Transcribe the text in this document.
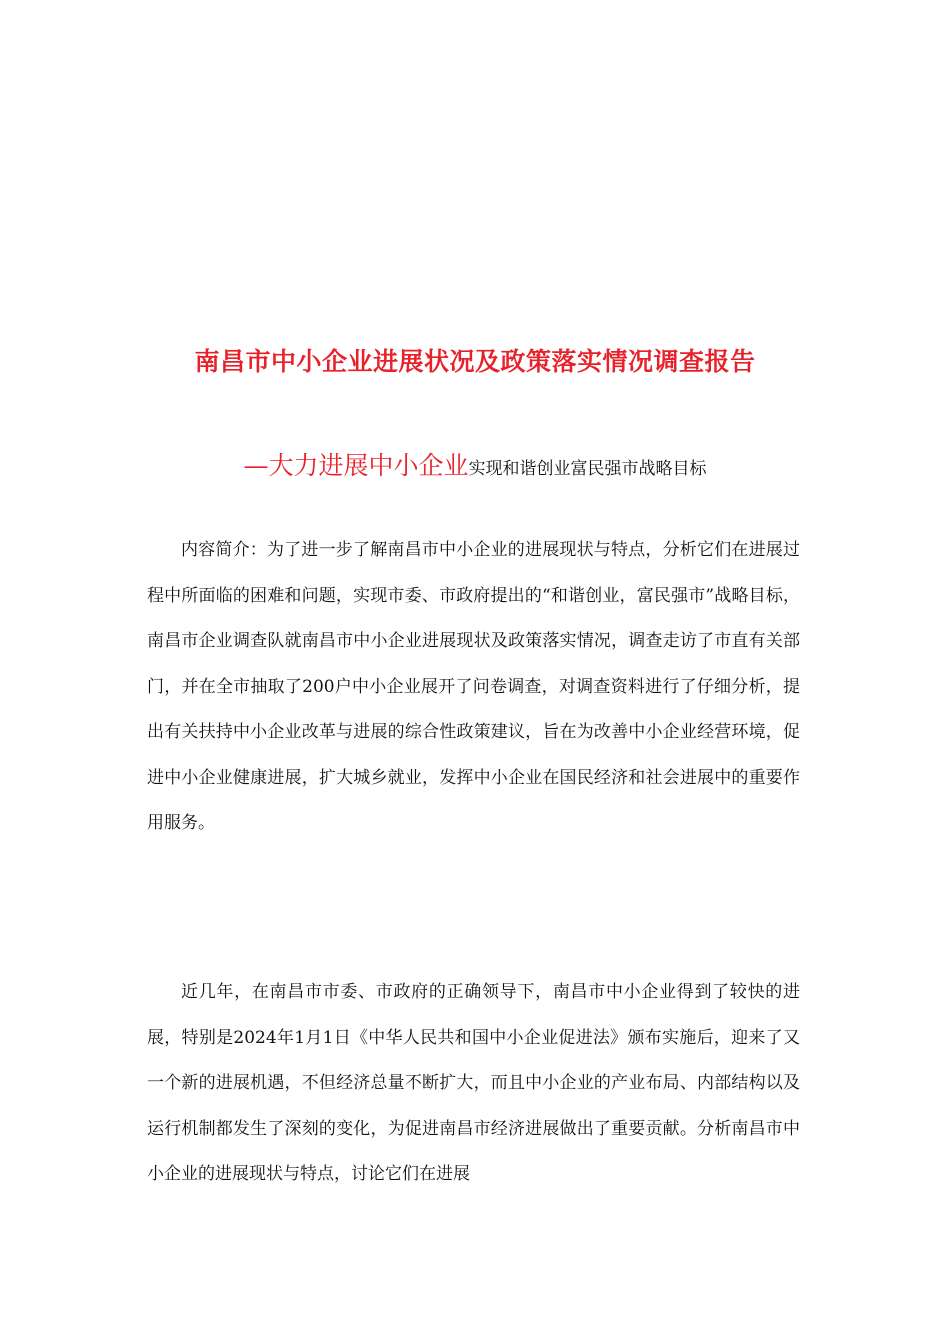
南昌市中小企业进展状况及政策落实情况调查报告
—大力进展中小企业实现和谐创业富民强市战略目标

内容简介：为了进一步了解南昌市中小企业的进展现状与特点，分析它们在进展过程中所面临的困难和问题，实现市委、市政府提出的“和谐创业，富民强市”战略目标，南昌市企业调查队就南昌市中小企业进展现状及政策落实情况，调查走访了市直有关部门，并在全市抽取了200户中小企业展开了问卷调查，对调查资料进行了仔细分析，提出有关扶持中小企业改革与进展的综合性政策建议，旨在为改善中小企业经营环境，促进中小企业健康进展，扩大城乡就业，发挥中小企业在国民经济和社会进展中的重要作用服务。

近几年，在南昌市市委、市政府的正确领导下，南昌市中小企业得到了较快的进展，特别是2024年1月1日《中华人民共和国中小企业促进法》颁布实施后，迎来了又一个新的进展机遇，不但经济总量不断扩大，而且中小企业的产业布局、内部结构以及运行机制都发生了深刻的变化，为促进南昌市经济进展做出了重要贡献。分析南昌市中小企业的进展现状与特点，讨论它们在进展
